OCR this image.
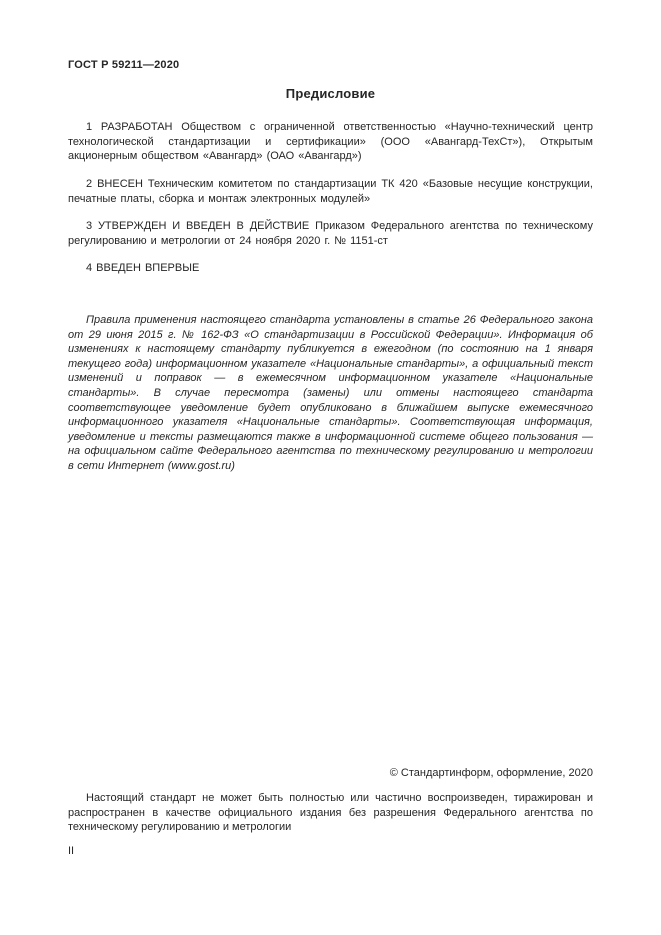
ГОСТ Р 59211—2020
Предисловие

1 РАЗРАБОТАН Обществом с ограниченной ответственностью «Научно-технический центр технологической стандартизации и сертификации» (ООО «Авангард-ТехСт»), Открытым акционерным обществом «Авангард» (ОАО «Авангард»)

2 ВНЕСЕН Техническим комитетом по стандартизации ТК 420 «Базовые несущие конструкции, печатные платы, сборка и монтаж электронных модулей»

3 УТВЕРЖДЕН И ВВЕДЕН В ДЕЙСТВИЕ Приказом Федерального агентства по техническому регулированию и метрологии от 24 ноября 2020 г. № 1151-ст

4 ВВЕДЕН ВПЕРВЫЕ

Правила применения настоящего стандарта установлены в статье 26 Федерального закона от 29 июня 2015 г. № 162-ФЗ «О стандартизации в Российской Федерации». Информация об изменениях к настоящему стандарту публикуется в ежегодном (по состоянию на 1 января текущего года) информационном указателе «Национальные стандарты», а официальный текст изменений и поправок — в ежемесячном информационном указателе «Национальные стандарты». В случае пересмотра (замены) или отмены настоящего стандарта соответствующее уведомление будет опубликовано в ближайшем выпуске ежемесячного информационного указателя «Национальные стандарты». Соответствующая информация, уведомление и тексты размещаются также в информационной системе общего пользования — на официальном сайте Федерального агентства по техническому регулированию и метрологии в сети Интернет (www.gost.ru)

© Стандартинформ, оформление, 2020

Настоящий стандарт не может быть полностью или частично воспроизведен, тиражирован и распространен в качестве официального издания без разрешения Федерального агентства по техническому регулированию и метрологии

II
